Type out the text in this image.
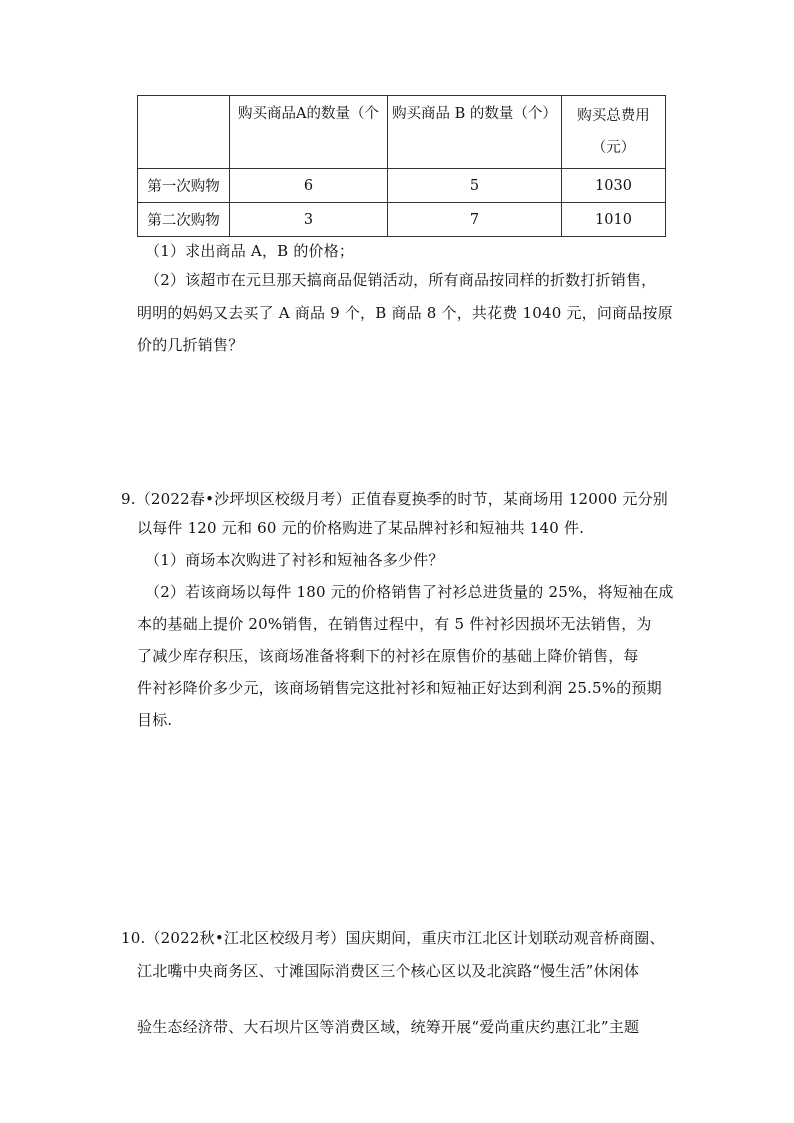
	购买商品A的数量（个	购买商品 B 的数量（个）	购买总费用
（元）
第一次购物	6	5	1030
第二次购物	3	7	1010
（1）求出商品 A，B 的价格；
（2）该超市在元旦那天搞商品促销活动，所有商品按同样的折数打折销售，
明明的妈妈又去买了 A 商品 9 个，B 商品 8 个，共花费 1040 元，问商品按原
价的几折销售？
9.（2022春•沙坪坝区校级月考）正值春夏换季的时节，某商场用 12000 元分别
以每件 120 元和 60 元的价格购进了某品牌衬衫和短袖共 140 件.
（1）商场本次购进了衬衫和短袖各多少件？
（2）若该商场以每件 180 元的价格销售了衬衫总进货量的 25%，将短袖在成
本的基础上提价 20%销售，在销售过程中，有 5 件衬衫因损坏无法销售，为
了减少库存积压，该商场准备将剩下的衬衫在原售价的基础上降价销售，每
件衬衫降价多少元，该商场销售完这批衬衫和短袖正好达到利润 25.5%的预期
目标.
10.（2022秋•江北区校级月考）国庆期间，重庆市江北区计划联动观音桥商圈、
江北嘴中央商务区、寸滩国际消费区三个核心区以及北滨路“慢生活”休闲体
验生态经济带、大石坝片区等消费区域，统筹开展“爱尚重庆约惠江北”主题
